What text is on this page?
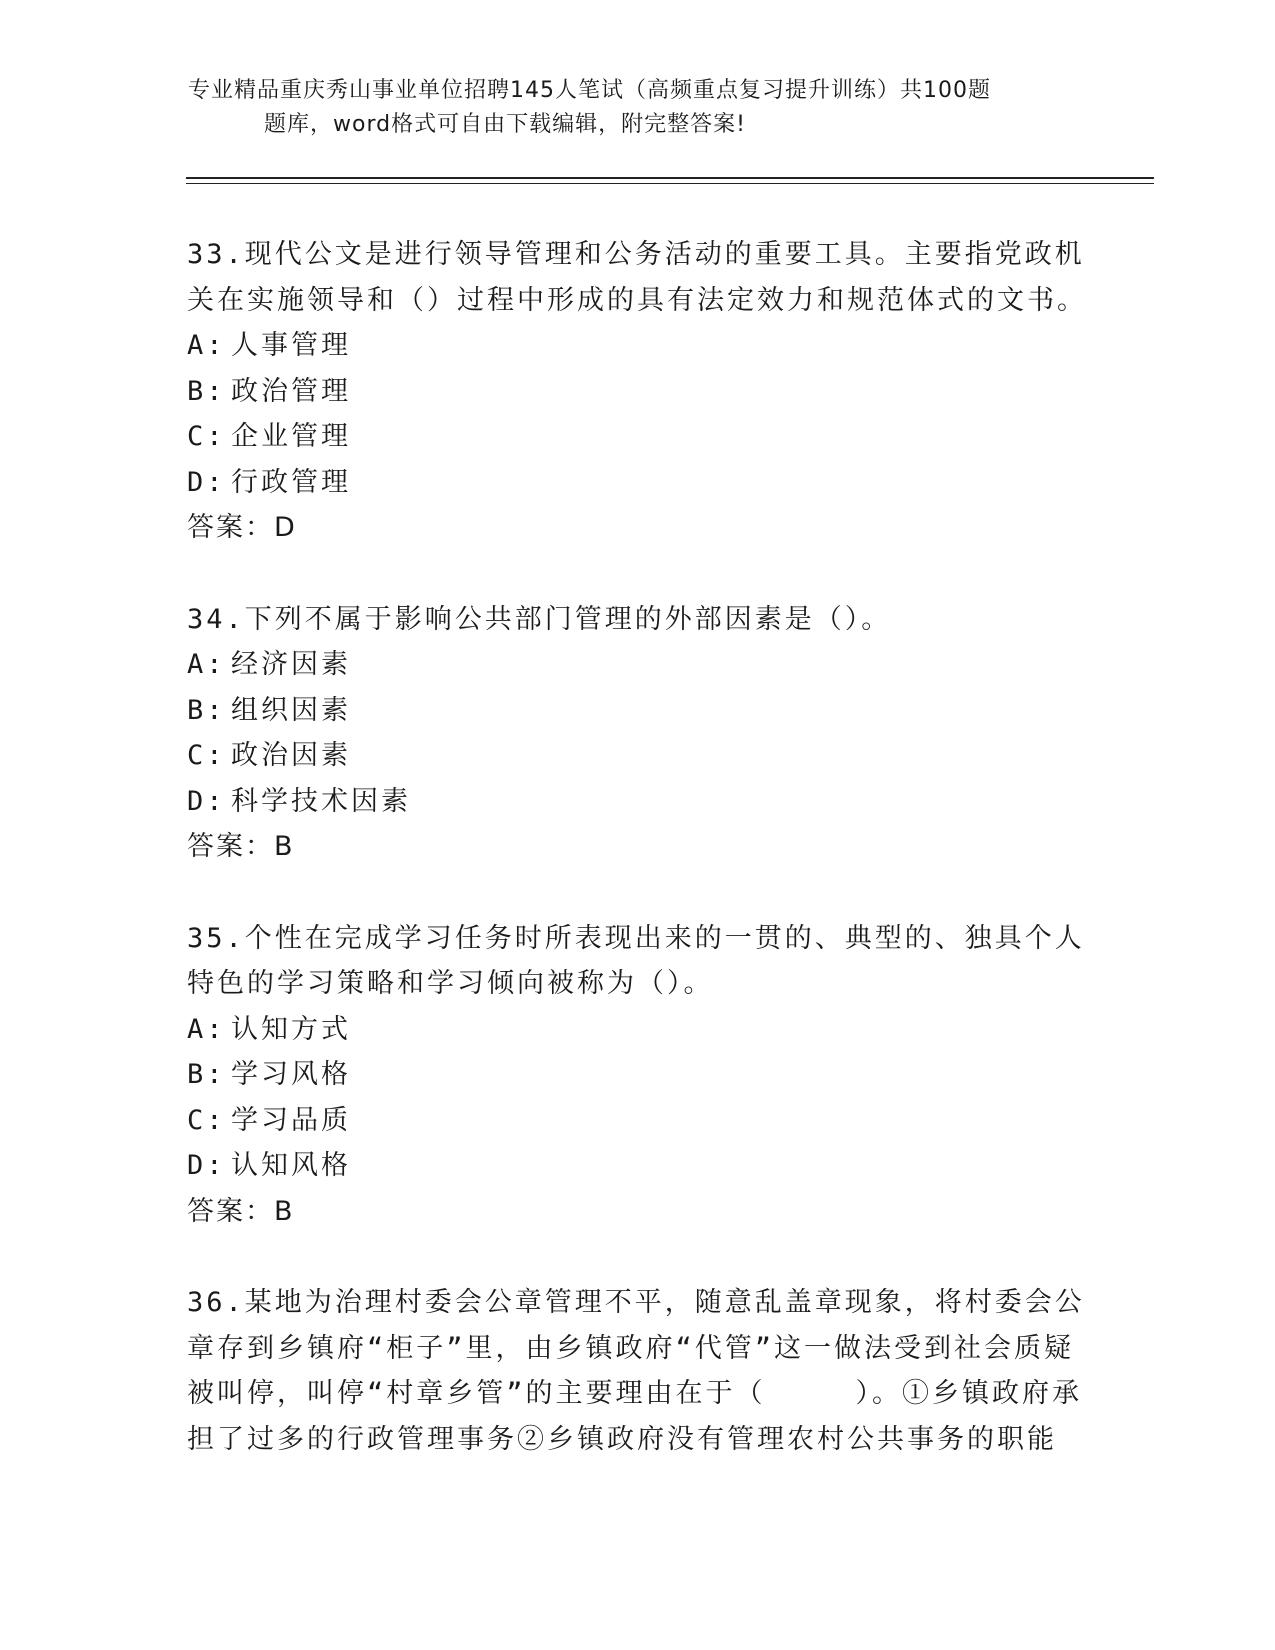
专业精品重庆秀山事业单位招聘145人笔试（高频重点复习提升训练）共100题
题库，word格式可自由下载编辑，附完整答案!

33.现代公文是进行领导管理和公务活动的重要工具。主要指党政机关在实施领导和（）过程中形成的具有法定效力和规范体式的文书。

A: 人事管理

B: 政治管理

C: 企业管理

D: 行政管理

答案：D

34.下列不属于影响公共部门管理的外部因素是（）。

A: 经济因素

B: 组织因素

C: 政治因素

D: 科学技术因素

答案：B

35.个性在完成学习任务时所表现出来的一贯的、典型的、独具个人特色的学习策略和学习倾向被称为（）。

A: 认知方式

B: 学习风格

C: 学习品质

D: 认知风格

答案：B

36.某地为治理村委会公章管理不平，随意乱盖章现象，将村委会公章存到乡镇府“柜子”里，由乡镇政府“代管”这一做法受到社会质疑被叫停，叫停“村章乡管”的主要理由在于（　　　）。①乡镇政府承担了过多的行政管理事务②乡镇政府没有管理农村公共事务的职能
